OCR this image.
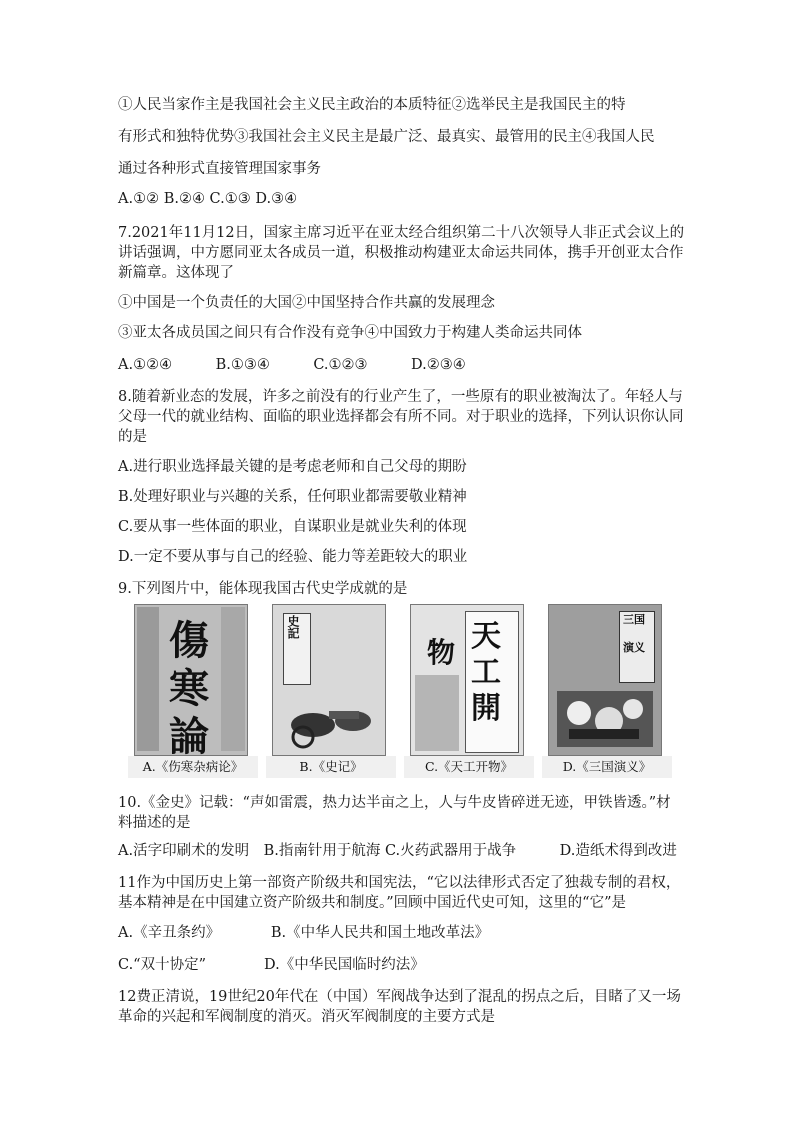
①人民当家作主是我国社会主义民主政治的本质特征②选举民主是我国民主的特
有形式和独特优势③我国社会主义民主是最广泛、最真实、最管用的民主④我国人民
通过各种形式直接管理国家事务
A.①② B.②④ C.①③ D.③④
7.2021年11月12日，国家主席习近平在亚太经合组织第二十八次领导人非正式会议上的
讲话强调，中方愿同亚太各成员一道，积极推动构建亚太命运共同体，携手开创亚太合作
新篇章。这体现了
①中国是一个负责任的大国②中国坚持合作共赢的发展理念
③亚太各成员国之间只有合作没有竞争④中国致力于构建人类命运共同体
A.①②④　　　B.①③④　　　C.①②③　　　D.②③④
8.随着新业态的发展，许多之前没有的行业产生了，一些原有的职业被淘汰了。年轻人与
父母一代的就业结构、面临的职业选择都会有所不同。对于职业的选择，下列认识你认同
的是
A.进行职业选择最关键的是考虑老师和自己父母的期盼
B.处理好职业与兴趣的关系，任何职业都需要敬业精神
C.要从事一些体面的职业，自谋职业是就业失利的体现
D.一定不要从事与自己的经验、能力等差距较大的职业
9.下列图片中，能体现我国古代史学成就的是
傷
寒
論
A.《伤寒杂病论》
史記
B.《史记》
天
工
開
物
C.《天工开物》
三国
演义
D.《三国演义》
10.《金史》记载：“声如雷震，热力达半亩之上，人与牛皮皆碎迸无迹，甲铁皆透。”材
料描述的是
A.活字印刷术的发明　B.指南针用于航海 C.火药武器用于战争　　　D.造纸术得到改进
11作为中国历史上第一部资产阶级共和国宪法，“它以法律形式否定了独裁专制的君权，
基本精神是在中国建立资产阶级共和制度。”回顾中国近代史可知，这里的“它”是
A.《辛丑条约》　　　　B.《中华人民共和国土地改革法》
C.“双十协定”　　　　D.《中华民国临时约法》
12费正清说，19世纪20年代在（中国）军阀战争达到了混乱的拐点之后，目睹了又一场
革命的兴起和军阀制度的消灭。消灭军阀制度的主要方式是
